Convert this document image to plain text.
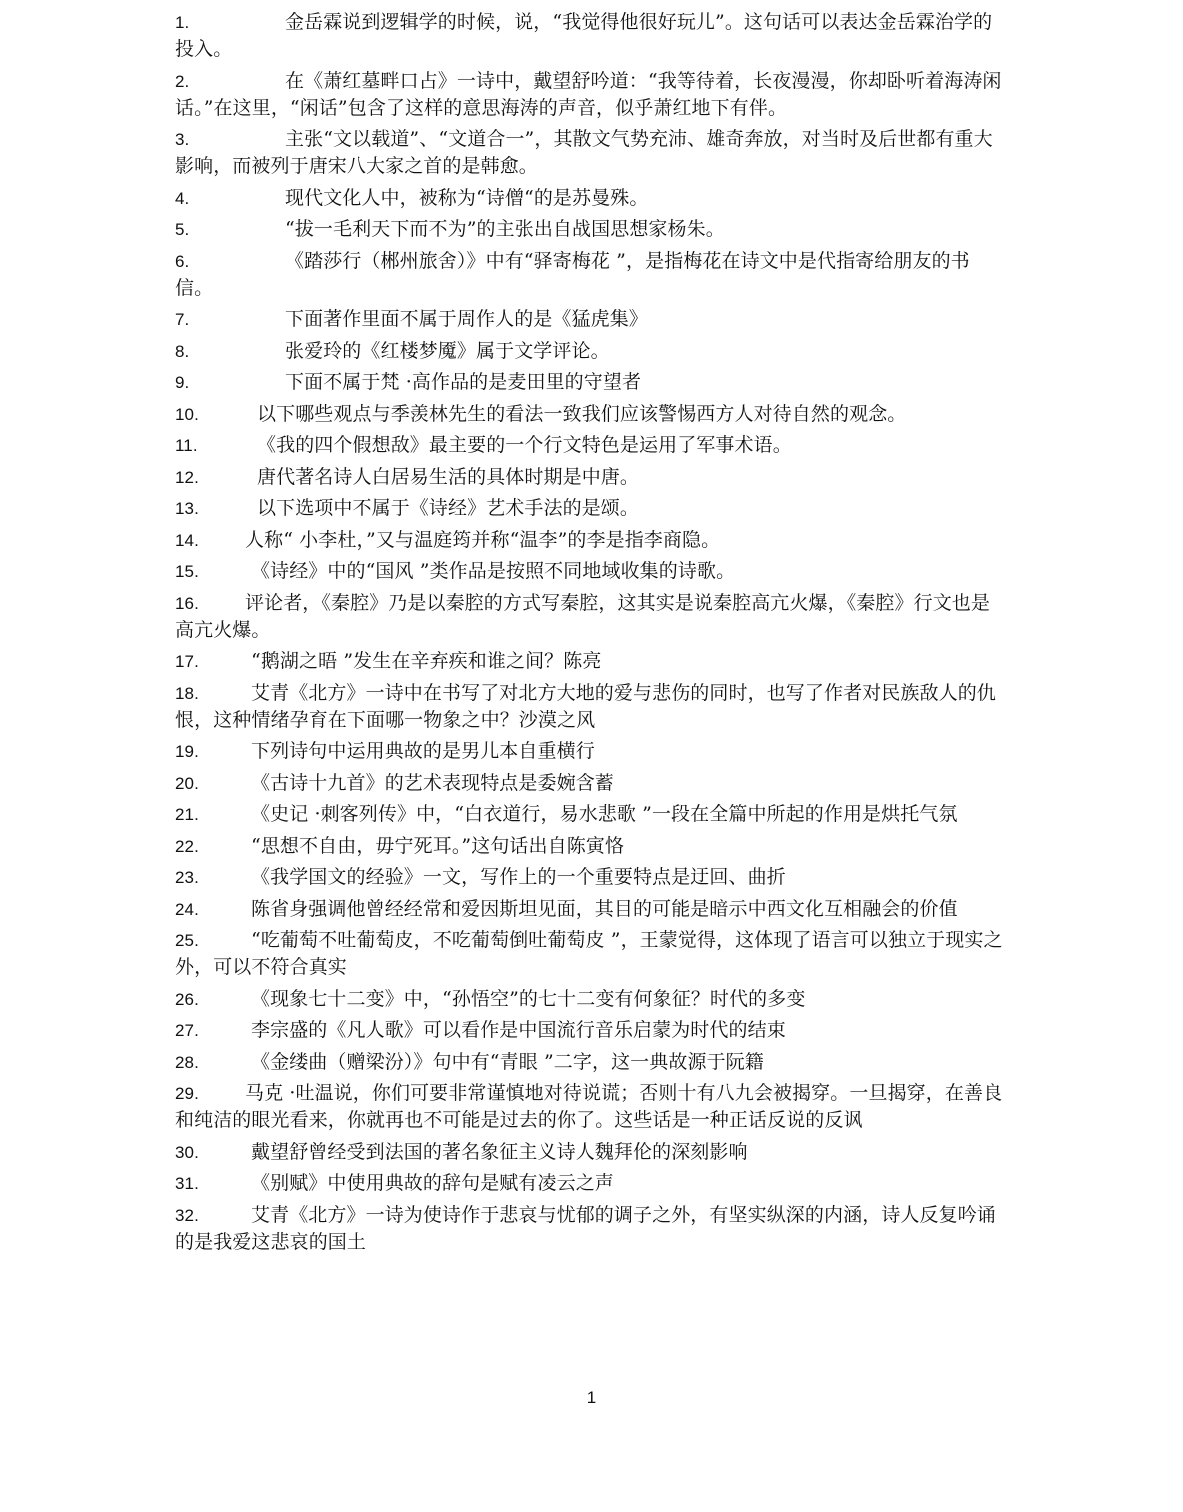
1.	金岳霖说到逻辑学的时候，说，“我觉得他很好玩儿”。这句话可以表达金岳霖治学的投入。
2.	在《萧红墓畔口占》一诗中，戴望舒吟道：“我等待着，长夜漫漫，你却卧听着海涛闲话。”在这里，“闲话”包含了这样的意思海涛的声音，似乎萧红地下有伴。
3.	主张“文以载道”、“文道合一”，其散文气势充沛、雄奇奔放，对当时及后世都有重大影响，而被列于唐宋八大家之首的是韩愈。
4.	现代文化人中，被称为“诗僧“的是苏曼殊。
5.	“拔一毛利天下而不为”的主张出自战国思想家杨朱。
6.	《踏莎行（郴州旅舍）》中有“驿寄梅花 ”，是指梅花在诗文中是代指寄给朋友的书信。
7.	下面著作里面不属于周作人的是《猛虎集》
8.	张爱玲的《红楼梦魇》属于文学评论。
9.	下面不属于梵 ·高作品的是麦田里的守望者
10.	以下哪些观点与季羡林先生的看法一致我们应该警惕西方人对待自然的观念。
11.	《我的四个假想敌》最主要的一个行文特色是运用了军事术语。
12.	唐代著名诗人白居易生活的具体时期是中唐。
13.	以下选项中不属于《诗经》艺术手法的是颂。
14. 人称“ 小李杜，”又与温庭筠并称“温李”的李是指李商隐。
15.	《诗经》中的“国风 ”类作品是按照不同地域收集的诗歌。
16. 评论者，《秦腔》乃是以秦腔的方式写秦腔，这其实是说秦腔高亢火爆，《秦腔》行文也是高亢火爆。
17.	“鹅湖之晤 ”发生在辛弃疾和谁之间？陈亮
18.	艾青《北方》一诗中在书写了对北方大地的爱与悲伤的同时，也写了作者对民族敌人的仇恨，这种情绪孕育在下面哪一物象之中？沙漠之风
19.	下列诗句中运用典故的是男儿本自重横行
20.	《古诗十九首》的艺术表现特点是委婉含蓄
21.	《史记 ·刺客列传》中，“白衣道行，易水悲歌 ”一段在全篇中所起的作用是烘托气氛
22.	“思想不自由，毋宁死耳。”这句话出自陈寅恪
23.	《我学国文的经验》一文，写作上的一个重要特点是迂回、曲折
24.	陈省身强调他曾经经常和爱因斯坦见面，其目的可能是暗示中西文化互相融会的价值
25.	“吃葡萄不吐葡萄皮，不吃葡萄倒吐葡萄皮 ”，王蒙觉得，这体现了语言可以独立于现实之外，可以不符合真实
26.	《现象七十二变》中，“孙悟空”的七十二变有何象征？时代的多变
27.	李宗盛的《凡人歌》可以看作是中国流行音乐启蒙为时代的结束
28.	《金缕曲（赠梁汾）》句中有“青眼 ”二字，这一典故源于阮籍
29. 马克 ·吐温说，你们可要非常谨慎地对待说谎；否则十有八九会被揭穿。一旦揭穿，在善良和纯洁的眼光看来，你就再也不可能是过去的你了。这些话是一种正话反说的反讽
30.	戴望舒曾经受到法国的著名象征主义诗人魏拜伦的深刻影响
31.	《别赋》中使用典故的辞句是赋有凌云之声
32.	艾青《北方》一诗为使诗作于悲哀与忧郁的调子之外，有坚实纵深的内涵，诗人反复吟诵的是我爱这悲哀的国土
1
